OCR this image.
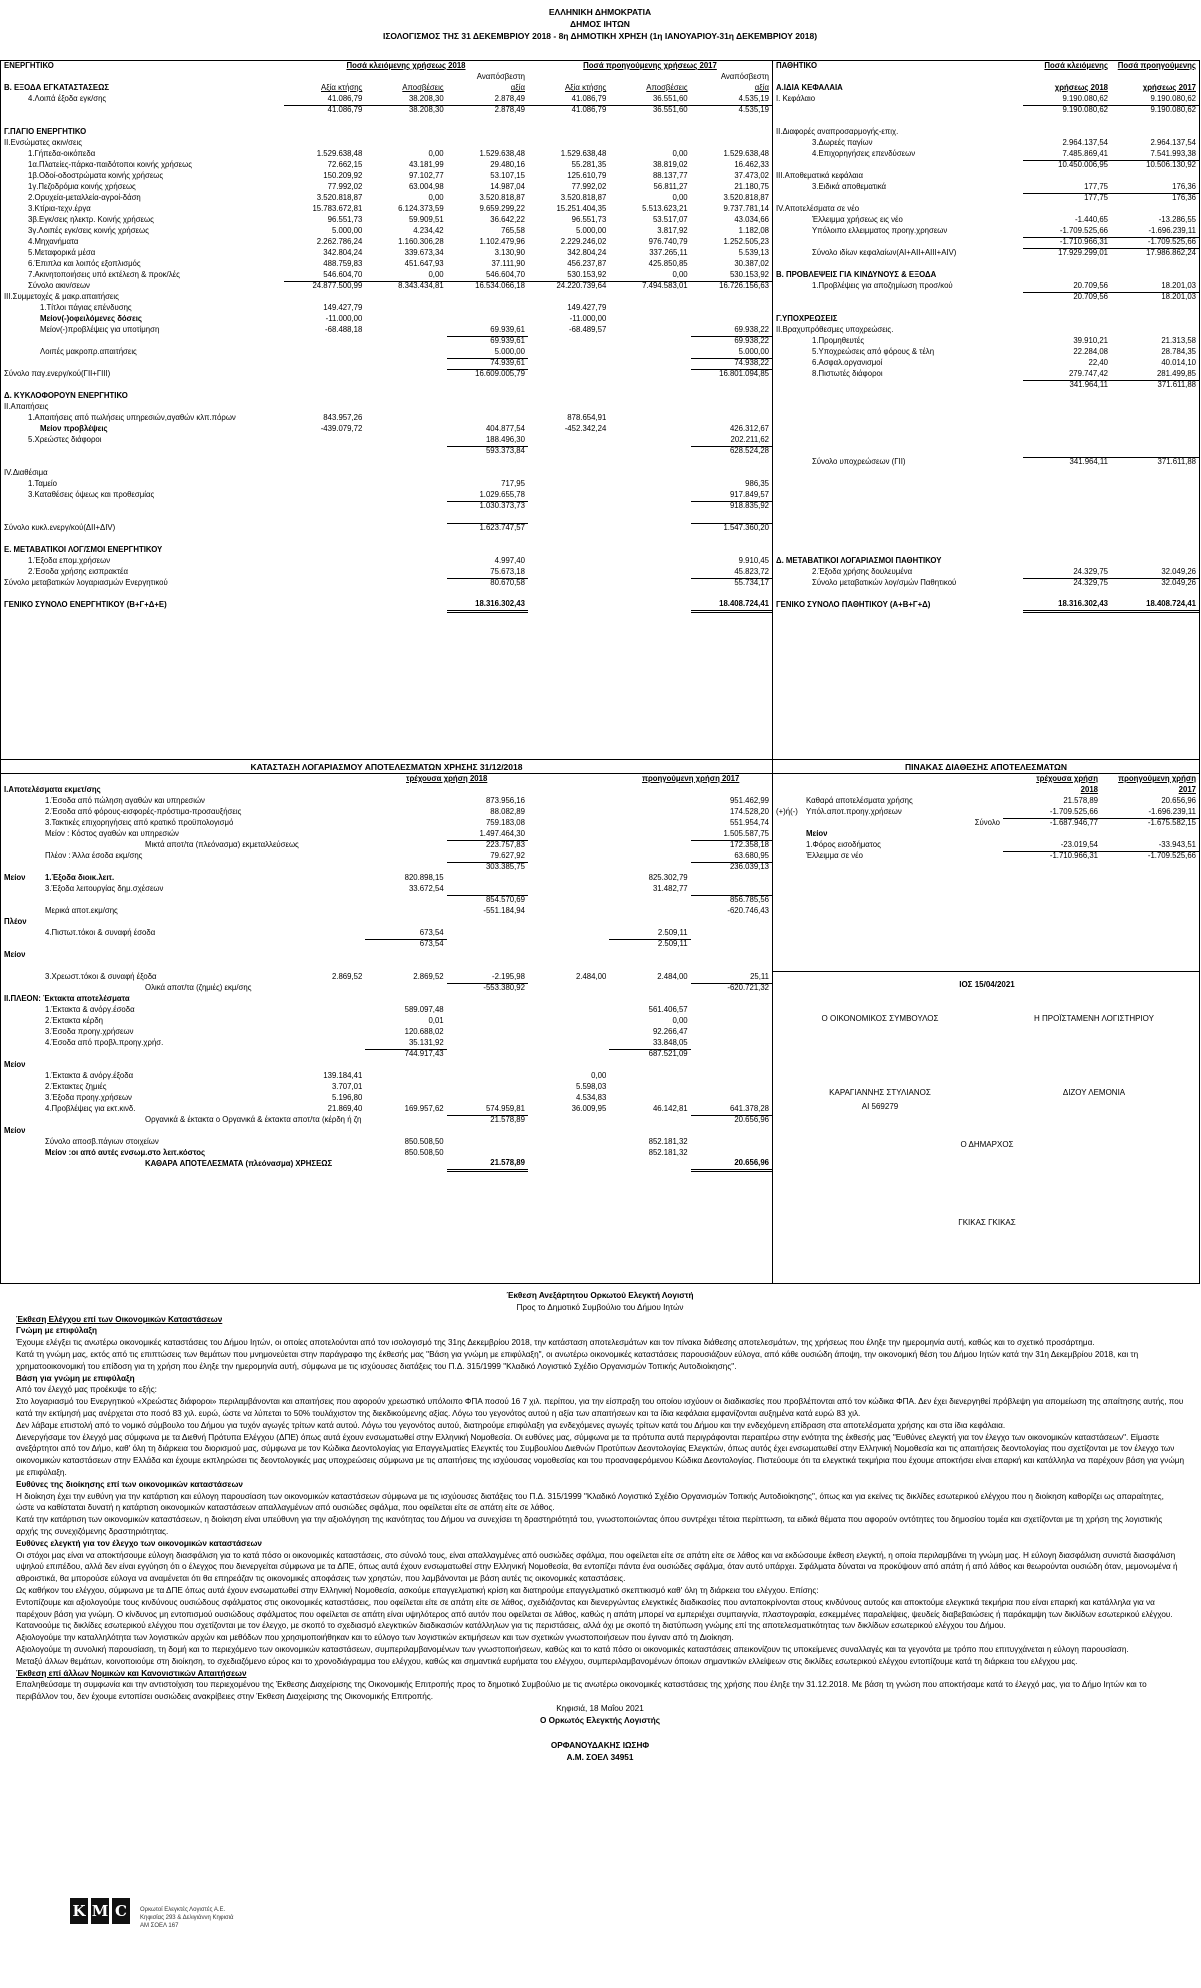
ΕΛΛΗΝΙΚΗ ΔΗΜΟΚΡΑΤΙΑ
ΔΗΜΟΣ ΙΗΤΩΝ
ΙΣΟΛΟΓΙΣΜΟΣ ΤΗΣ 31 ΔΕΚΕΜΒΡΙΟΥ 2018 - 8η ΔΗΜΟΤΙΚΗ ΧΡΗΣΗ (1η ΙΑΝΟΥΑΡΙΟΥ-31η ΔΕΚΕΜΒΡΙΟΥ 2018)
ΕΝΕΡΓΗΤΙΚΟ	Ποσά κλειόμενης χρήσεως 2018			Ποσά προηγούμενης χρήσεως 2017		
			Αναπόσβεστη			Αναπόσβεστη
Β. ΕΞΟΔΑ ΕΓΚΑΤΑΣΤΑΣΕΩΣ	Αξία κτήσης	Αποσβέσεις	αξία	Αξία κτήσης	Αποσβέσεις	αξία
4.Λοιπά έξοδα εγκ/σης	41.086,79	38.208,30	2.878,49	41.086,79	36.551,60	4.535,19
	41.086,79	38.208,30	2.878,49	41.086,79	36.551,60	4.535,19

Γ.ΠΑΓΙΟ ΕΝΕΡΓΗΤΙΚΟ						
ΙΙ.Ενσώματες ακιν/σεις						
1.Γήπεδα-οικόπεδα	1.529.638,48	0,00	1.529.638,48	1.529.638,48	0,00	1.529.638,48
1α.Πλατείες-πάρκα-παιδότοποι κοινής χρήσεως	72.662,15	43.181,99	29.480,16	55.281,35	38.819,02	16.462,33
1β.Οδοί-οδοστρώματα κοινής χρήσεως	150.209,92	97.102,77	53.107,15	125.610,79	88.137,77	37.473,02
1γ.Πεζοδρόμια κοινής χρήσεως	77.992,02	63.004,98	14.987,04	77.992,02	56.811,27	21.180,75
2.Ορυχεία-μεταλλεία-αγροί-δάση	3.520.818,87	0,00	3.520.818,87	3.520.818,87	0,00	3.520.818,87
3.Κτίρια-τεχν.έργα	15.783.672,81	6.124.373,59	9.659.299,22	15.251.404,35	5.513.623,21	9.737.781,14
3β.Εγκ/σεις ηλεκτρ. Κοινής χρήσεως	96.551,73	59.909,51	36.642,22	96.551,73	53.517,07	43.034,66
3γ.Λοιπές εγκ/σεις κοινής χρήσεως	5.000,00	4.234,42	765,58	5.000,00	3.817,92	1.182,08
4.Μηχανήματα	2.262.786,24	1.160.306,28	1.102.479,96	2.229.246,02	976.740,79	1.252.505,23
5.Μεταφορικά μέσα	342.804,24	339.673,34	3.130,90	342.804,24	337.265,11	5.539,13
6.Έπιπλα και λοιπός εξοπλισμός	488.759,83	451.647,93	37.111,90	456.237,87	425.850,85	30.387,02
7.Ακινητοποιήσεις υπό εκτέλεση & προκ/λές	546.604,70	0,00	546.604,70	530.153,92	0,00	530.153,92
Σύνολο ακιν/σεων	24.877.500,99	8.343.434,81	16.534.066,18	24.220.739,64	7.494.583,01	16.726.156,63
ΙΙΙ.Συμμετοχές & μακρ.απαιτήσεις						
1.Τίτλοι πάγιας επένδυσης	149.427,79			149.427,79		
Μείον(-)οφειλόμενες δόσεις	-11.000,00			-11.000,00		
Μείον(-)προβλέψεις για υποτίμηση	-68.488,18		69.939,61	-68.489,57		69.938,22
			69.939,61			69.938,22
Λοιπές μακροπρ.απαιτήσεις			5.000,00			5.000,00
			74.939,61			74.938,22
Σύνολο παγ.ενεργ/κού(ΓΙΙ+ΓΙΙΙ)			16.609.005,79			16.801.094,85

Δ. ΚΥΚΛΟΦΟΡΟΥΝ ΕΝΕΡΓΗΤΙΚΟ						
ΙΙ.Απαιτήσεις						
1.Απαιτήσεις από πωλήσεις υπηρεσιών,αγαθών κλπ.πόρων	843.957,26			878.654,91		
Μείον προβλέψεις	-439.079,72		404.877,54	-452.342,24		426.312,67
5.Χρεώστες διάφοροι			188.496,30			202.211,62
			593.373,84			628.524,28

ΙV.Διαθέσιμα						
1.Ταμείο			717,95			986,35
3.Καταθέσεις όψεως και προθεσμίας			1.029.655,78			917.849,57
			1.030.373,73			918.835,92

Σύνολο κυκλ.ενεργ/κού(ΔΙΙ+ΔΙV)			1.623.747,57			1.547.360,20

Ε. ΜΕΤΑΒΑΤΙΚΟΙ ΛΟΓ/ΣΜΟΙ ΕΝΕΡΓΗΤΙΚΟΥ						
1.Έξοδα επομ.χρήσεων			4.997,40			9.910,45
2.Έσοδα χρήσης εισπρακτέα			75.673,18			45.823,72
Σύνολο μεταβατικών λογαριασμών Ενεργητικού			80.670,58			55.734,17

ΓΕΝΙΚΟ ΣΥΝΟΛΟ ΕΝΕΡΓΗΤΙΚΟΥ (Β+Γ+Δ+Ε)			18.316.302,43			18.408.724,41
ΠΑΘΗΤΙΚΟ	Ποσά κλειόμενης	Ποσά προηγούμενης

Α.ΙΔΙΑ ΚΕΦΑΛΑΙΑ	χρήσεως 2018	χρήσεως 2017
Ι. Κεφάλαιο	9.190.080,62	9.190.080,62
	9.190.080,62	9.190.080,62

ΙΙ.Διαφορές αναπροσαρμογής-επιχ.		
3.Δωρεές παγίων	2.964.137,54	2.964.137,54
4.Επιχορηγήσεις επενδύσεων	7.485.869,41	7.541.993,38
	10.450.006,95	10.506.130,92
ΙΙΙ.Αποθεματικά κεφάλαια		
3.Ειδικά αποθεματικά	177,75	176,36
	177,75	176,36
ΙV.Αποτελέσματα σε νέο		
Έλλειμμα χρήσεως εις νέο	-1.440,65	-13.286,55
Υπόλοιπο ελλειμματος προηγ.χρησεων	-1.709.525,66	-1.696.239,11
	-1.710.966,31	-1.709.525,66
Σύνολο ιδίων κεφαλαίων(ΑΙ+ΑΙΙ+ΑΙΙΙ+ΑΙV)	17.929.299,01	17.986.862,24

Β. ΠΡΟΒΛΕΨΕΙΣ ΓΙΑ ΚΙΝΔΥΝΟΥΣ & ΕΞΟΔΑ		
1.Προβλέψεις για αποζημίωση προσ/κού	20.709,56	18.201,03
	20.709,56	18.201,03

Γ.ΥΠΟΧΡΕΩΣΕΙΣ		
ΙΙ.Βραχυπρόθεσμες υποχρεώσεις.		
1.Προμηθευτές	39.910,21	21.313,58
5.Υποχρεώσεις από φόρους & τέλη	22.284,08	28.784,35
6.Ασφαλ.οργανισμοί	22,40	40.014,10
8.Πιστωτές διάφοροι	279.747,42	281.499,85
	341.964,11	371.611,88

Σύνολο υποχρεώσεων (ΓΙΙ)	341.964,11	371.611,88

Δ. ΜΕΤΑΒΑΤΙΚΟΙ ΛΟΓΑΡΙΑΣΜΟΙ ΠΑΘΗΤΙΚΟΥ		
2.Έξοδα χρήσης δουλευμένα	24.329,75	32.049,26
Σύνολο μεταβατικών λογ/σμών Παθητικού	24.329,75	32.049,26

ΓΕΝΙΚΟ ΣΥΝΟΛΟ ΠΑΘΗΤΙΚΟΥ (Α+Β+Γ+Δ)	18.316.302,43	18.408.724,41
ΚΑΤΑΣΤΑΣΗ ΛΟΓΑΡΙΑΣΜΟΥ ΑΠΟΤΕΛΕΣΜΑΤΩΝ ΧΡΗΣΗΣ 31/12/2018
			τρέχουσα χρήση 2018			προηγούμενη χρήση 2017	
Ι.Αποτελέσματα εκμετ/σης							
	1.Έσοδα από πώληση αγαθών και υπηρεσιών			873.956,16			951.462,99
	2.Έσοδα από φόρους-εισφορές-πρόστιμα-προσαυξήσεις			88.082,89			174.528,20
	3.Τακτικές επιχορηγήσεις από κρατικό προϋπολογισμό			759.183,08			551.954,74
	Μείον : Κόστος αγαθών και υπηρεσιών			1.497.464,30			1.505.587,75
	Μικτά αποτ/τα (πλεόνασμα) εκμεταλλεύσεως			223.757,83			172.358,18
	Πλέον : Άλλα έσοδα εκμ/σης			79.627,92			63.680,95
				303.385,75			236.039,13
Μείον	1.Έξοδα διοικ.λειτ.		820.898,15			825.302,79	
	3.Έξοδα λειτουργίας δημ.σχέσεων		33.672,54			31.482,77	
				854.570,69			856.785,56
	Μερικά αποτ.εκμ/σης			-551.184,94			-620.746,43
Πλέον							
	4.Πιστωτ.τόκοι & συναφή έσοδα		673,54			2.509,11	
			673,54			2.509,11	
Μείον							

	3.Χρεωστ.τόκοι & συναφή έξοδα	2.869,52	2.869,52	-2.195,98	2.484,00	2.484,00	25,11
	Ολικά αποτ/τα (ζημιές) εκμ/σης			-553.380,92			-620.721,32
ΙΙ.ΠΛΕΟΝ: Έκτακτα αποτελέσματα							
	1.Έκτακτα & ανόργ.έσοδα		589.097,48			561.406,57	
	2.Έκτακτα κέρδη		0,01			0,00	
	3.Έσοδα προηγ.χρήσεων		120.688,02			92.266,47	
	4.Έσοδα από προβλ.προηγ.χρήσ.		35.131,92			33.848,05	
			744.917,43			687.521,09	
Μείον							
	1.Έκτακτα & ανόργ.έξοδα	139.184,41			0,00		
	2.Έκτακτες ζημιές	3.707,01			5.598,03		
	3.Έξοδα προηγ.χρήσεων	5.196,80			4.534,83		
	4.Προβλέψεις για εκτ.κινδ.	21.869,40	169.957,62	574.959,81	36.009,95	46.142,81	641.378,28
	Οργανικά & έκτακτα ο Οργανικά & έκτακτα αποτ/τα (κέρδη ή ζη			21.578,89			20.656,96
Μείον							
	Σύνολο αποσβ.πάγιων στοιχείων		850.508,50			852.181,32	
	Μείον :οι από αυτές ενσωμ.στο λειτ.κόστος		850.508,50			852.181,32	
	ΚΑΘΑΡΑ ΑΠΟΤΕΛΕΣΜΑΤΑ (πλεόνασμα) ΧΡΗΣΕΩΣ			21.578,89			20.656,96
ΠΙΝΑΚΑΣ ΔΙΑΘΕΣΗΣ ΑΠΟΤΕΛΕΣΜΑΤΩΝ
		τρέχουσα χρήση	προηγούμενη χρήση
		2018	2017
	Καθαρά αποτελέσματα χρήσης	21.578,89	20.656,96
(+)ή(-)	Υπόλ.αποτ.προηγ.χρήσεων	-1.709.525,66	-1.696.239,11
	Σύνολο	-1.687.946,77	-1.675.582,15
	Μείον		
	1.Φόρος εισοδήματος	-23.019,54	-33.943,51
	Έλλειμμα σε νέο	-1.710.966,31	-1.709.525,66
ΙΟΣ 15/04/2021
Ο ΟΙΚΟΝΟΜΙΚΟΣ ΣΥΜΒΟΥΛΟΣ	Η ΠΡΟΪΣΤΑΜΕΝΗ ΛΟΓΙΣΤΗΡΙΟΥ
ΚΑΡΑΓΙΑΝΝΗΣ ΣΤΥΛΙΑΝΟΣ
ΑΙ 569279
ΔΙΖΟΥ ΛΕΜΟΝΙΑ
Ο ΔΗΜΑΡΧΟΣ
ΓΚΙΚΑΣ ΓΚΙΚΑΣ
Έκθεση Ανεξάρτητου Ορκωτού Ελεγκτή Λογιστή
Προς το Δημοτικό Συμβούλιο του Δήμου Ιητών
Έκθεση Ελέγχου επί των Οικονομικών Καταστάσεων
Γνώμη με επιφύλαξη
Έχουμε ελέγξει τις ανωτέρω οικονομικές καταστάσεις του Δήμου Ιητών, οι οποίες αποτελούνται από τον ισολογισμό της 31ης Δεκεμβρίου 2018, την κατάσταση αποτελεσμάτων και τον πίνακα διάθεσης αποτελεσμάτων, της χρήσεως που έληξε την ημερομηνία αυτή, καθώς και το σχετικό προσάρτημα.
Κατά τη γνώμη μας, εκτός από τις επιπτώσεις των θεμάτων που μνημονεύεται στην παράγραφο της έκθεσής μας "Βάση για γνώμη με επιφύλαξη", οι ανωτέρω οικονομικές καταστάσεις παρουσιάζουν εύλογα, από κάθε ουσιώδη άποψη, την οικονομική θέση του Δήμου Ιητών κατά την 31η Δεκεμβρίου 2018, και τη χρηματοοικονομική του επίδοση για τη χρήση που έληξε την ημερομηνία αυτή, σύμφωνα με τις ισχύουσες διατάξεις του Π.Δ. 315/1999 "Κλαδικό Λογιστικό Σχέδιο Οργανισμών Τοπικής Αυτοδιοίκησης".
Βάση για γνώμη με επιφύλαξη
Από τον έλεγχό μας προέκυψε το εξής:
Στο λογαριασμό του Ενεργητικού «Χρεώστες διάφοροι» περιλαμβάνονται και απαιτήσεις που αφορούν χρεωστικό υπόλοιπο ΦΠΑ ποσού 16 7 χιλ. περίπου, για την είσπραξη του οποίου ισχύουν οι διαδικασίες που προβλέπονται από τον κώδικα ΦΠΑ. Δεν έχει διενεργηθεί πρόβλεψη για απομείωση της απαίτησης αυτής, που κατά την εκτίμησή μας ανέρχεται στο ποσό 83 χιλ. ευρώ, ώστε να λύπεται το 50% τουλάχιστον της διεκδικούμενης αξίας. Λόγω του γεγονότος αυτού η αξία των απαιτήσεων και τα ίδια κεφάλαια εμφανίζονται αυξημένα κατά ευρώ 83 χιλ.
Δεν λάβαμε επιστολή από το νομικό σύμβουλο του Δήμου για τυχόν αγωγές τρίτων κατά αυτού. Λόγω του γεγονότος αυτού, διατηρούμε επιφύλαξη για ενδεχόμενες αγωγές τρίτων κατά του Δήμου και την ενδεχόμενη επίδραση στα αποτελέσματα χρήσης και στα ίδια κεφάλαια.
Διενεργήσαμε τον έλεγχό μας σύμφωνα με τα Διεθνή Πρότυπα Ελέγχου (ΔΠΕ) όπως αυτά έχουν ενσωματωθεί στην Ελληνική Νομοθεσία. Οι ευθύνες μας, σύμφωνα με τα πρότυπα αυτά περιγράφονται περαιτέρω στην ενότητα της έκθεσής μας "Ευθύνες ελεγκτή για τον έλεγχο των οικονομικών καταστάσεων". Είμαστε ανεξάρτητοι από τον Δήμο, καθ' όλη τη διάρκεια του διορισμού μας, σύμφωνα με τον Κώδικα Δεοντολογίας για Επαγγελματίες Ελεγκτές του Συμβουλίου Διεθνών Προτύπων Δεοντολογίας Ελεγκτών, όπως αυτός έχει ενσωματωθεί στην Ελληνική Νομοθεσία και τις απαιτήσεις δεοντολογίας που σχετίζονται με τον έλεγχο των οικονομικών καταστάσεων στην Ελλάδα και έχουμε εκπληρώσει τις δεοντολογικές μας υποχρεώσεις σύμφωνα με τις απαιτήσεις της ισχύουσας νομοθεσίας και του προαναφερόμενου Κώδικα Δεοντολογίας. Πιστεύουμε ότι τα ελεγκτικά τεκμήρια που έχουμε αποκτήσει είναι επαρκή και κατάλληλα να παρέχουν βάση για γνώμη με επιφύλαξη.
Ευθύνες της διοίκησης επί των οικονομικών καταστάσεων
Η διοίκηση έχει την ευθύνη για την κατάρτιση και εύλογη παρουσίαση των οικονομικών καταστάσεων σύμφωνα με τις ισχύουσες διατάξεις του Π.Δ. 315/1999 "Κλαδικό Λογιστικό Σχέδιο Οργανισμών Τοπικής Αυτοδιοίκησης", όπως και για εκείνες τις δικλίδες εσωτερικού ελέγχου που η διοίκηση καθορίζει ως απαραίτητες, ώστε να καθίσταται δυνατή η κατάρτιση οικονομικών καταστάσεων απαλλαγμένων από ουσιώδες σφάλμα, που οφείλεται είτε σε απάτη είτε σε λάθος.
Κατά την κατάρτιση των οικονομικών καταστάσεων, η διοίκηση είναι υπεύθυνη για την αξιολόγηση της ικανότητας του Δήμου να συνεχίσει τη δραστηριότητά του, γνωστοποιώντας όπου συντρέχει τέτοια περίπτωση, τα ειδικά θέματα που αφορούν οντότητες του δημοσίου τομέα και σχετίζονται με τη χρήση της λογιστικής αρχής της συνεχιζόμενης δραστηριότητας.
Ευθύνες ελεγκτή για τον έλεγχο των οικονομικών καταστάσεων
Οι στόχοι μας είναι να αποκτήσουμε εύλογη διασφάλιση για το κατά πόσο οι οικονομικές καταστάσεις, στο σύνολό τους, είναι απαλλαγμένες από ουσιώδες σφάλμα, που οφείλεται είτε σε απάτη είτε σε λάθος και να εκδώσουμε έκθεση ελεγκτή, η οποία περιλαμβάνει τη γνώμη μας. Η εύλογη διασφάλιση συνιστά διασφάλιση υψηλού επιπέδου, αλλά δεν είναι εγγύηση ότι ο έλεγχος που διενεργείται σύμφωνα με τα ΔΠΕ, όπως αυτά έχουν ενσωματωθεί στην Ελληνική Νομοθεσία, θα εντοπίζει πάντα ένα ουσιώδες σφάλμα, όταν αυτό υπάρχει. Σφάλματα δύναται να προκύψουν από απάτη ή από λάθος και θεωρούνται ουσιώδη όταν, μεμονωμένα ή αθροιστικά, θα μπορούσε εύλογα να αναμένεται ότι θα επηρεάζαν τις οικονομικές αποφάσεις των χρηστών, που λαμβάνονται με βάση αυτές τις οικονομικές καταστάσεις.
Ως καθήκον του ελέγχου, σύμφωνα με τα ΔΠΕ όπως αυτά έχουν ενσωματωθεί στην Ελληνική Νομοθεσία, ασκούμε επαγγελματική κρίση και διατηρούμε επαγγελματικό σκεπτικισμό καθ' όλη τη διάρκεια του ελέγχου. Επίσης:
Εντοπίζουμε και αξιολογούμε τους κινδύνους ουσιώδους σφάλματος στις οικονομικές καταστάσεις, που οφείλεται είτε σε απάτη είτε σε λάθος, σχεδιάζοντας και διενεργώντας ελεγκτικές διαδικασίες που ανταποκρίνονται στους κινδύνους αυτούς και αποκτούμε ελεγκτικά τεκμήρια που είναι επαρκή και κατάλληλα για να παρέχουν βάση για γνώμη. Ο κίνδυνος μη εντοπισμού ουσιώδους σφάλματος που οφείλεται σε απάτη είναι υψηλότερος από αυτόν που οφείλεται σε λάθος, καθώς η απάτη μπορεί να εμπεριέχει συμπαιγνία, πλαστογραφία, εσκεμμένες παραλείψεις, ψευδείς διαβεβαιώσεις ή παράκαμψη των δικλίδων εσωτερικού ελέγχου.
Κατανοούμε τις δικλίδες εσωτερικού ελέγχου που σχετίζονται με τον έλεγχο, με σκοπό το σχεδιασμό ελεγκτικών διαδικασιών κατάλληλων για τις περιστάσεις, αλλά όχι με σκοπό τη διατύπωση γνώμης επί της αποτελεσματικότητας των δικλίδων εσωτερικού ελέγχου του Δήμου.
Αξιολογούμε την καταλληλότητα των λογιστικών αρχών και μεθόδων που χρησιμοποιήθηκαν και το εύλογο των λογιστικών εκτιμήσεων και των σχετικών γνωστοποιήσεων που έγιναν από τη Διοίκηση.
Αξιολογούμε τη συνολική παρουσίαση, τη δομή και το περιεχόμενο των οικονομικών καταστάσεων, συμπεριλαμβανομένων των γνωστοποιήσεων, καθώς και το κατά πόσο οι οικονομικές καταστάσεις απεικονίζουν τις υποκείμενες συναλλαγές και τα γεγονότα με τρόπο που επιτυγχάνεται η εύλογη παρουσίαση.
Μεταξύ άλλων θεμάτων, κοινοποιούμε στη διοίκηση, το σχεδιαζόμενο εύρος και το χρονοδιάγραμμα του ελέγχου, καθώς και σημαντικά ευρήματα του ελέγχου, συμπεριλαμβανομένων όποιων σημαντικών ελλείψεων στις δικλίδες εσωτερικού ελέγχου εντοπίζουμε κατά τη διάρκεια του ελέγχου μας.
Έκθεση επί άλλων Νομικών και Κανονιστικών Απαιτήσεων
Επαληθεύσαμε τη συμφωνία και την αντιστοίχιση του περιεχομένου της Έκθεσης Διαχείρισης της Οικονομικής Επιτροπής προς το δημοτικό Συμβούλιο με τις ανωτέρω οικονομικές καταστάσεις της χρήσης που έληξε την 31.12.2018. Με βάση τη γνώση που αποκτήσαμε κατά το έλεγχό μας, για το Δήμο Ιητών και το περιβάλλον του, δεν έχουμε εντοπίσει ουσιώδεις ανακρίβειες στην Έκθεση Διαχείρισης της Οικονομικής Επιτροπής.
Κηφισιά, 18 Μαΐου 2021
Ο Ορκωτός Ελεγκτής Λογιστής
ΟΡΦΑΝΟΥΔΑΚΗΣ ΙΩΣΗΦ
Α.Μ. ΣΟΕΛ 34951
K M C	Ορκωτοί Ελεγκτές Λογιστές Α.Ε.
Κηφισίας 293 & Δελιγιάννη Κηφισιά
ΑΜ ΣΟΕΛ 167
